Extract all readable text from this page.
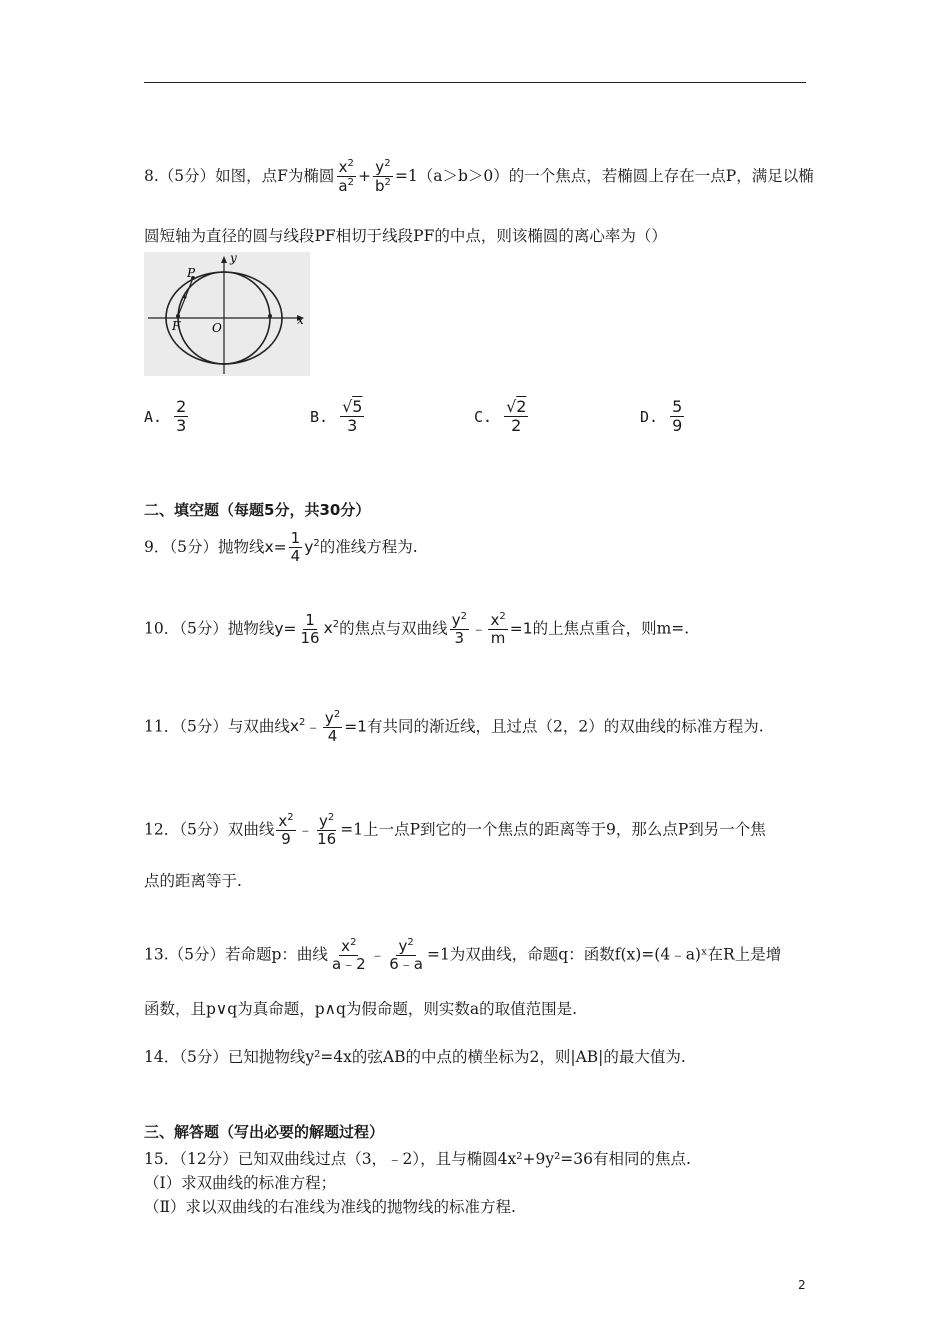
8.（5分）如图，点F为椭圆 $\frac{x^2}{a^2} + \frac{y^2}{b^2} =1(a>b>0)$的一个焦点，若椭圆上存在一点P，满足以椭
圆短轴为直径的圆与线段PF相切于线段PF的中点，则该椭圆的离心率为（）
y
x
P
F	O
A. $\frac{2}{3}$	B. $\frac{√5}{3}$	C. $\frac{√2}{2}$	D. $\frac{5}{9}$
二、填空题（每题5分，共30分）
9．（5分）抛物线$x= \frac{1}{4} y^2$的准线方程为.
10．（5分）抛物线$y= \frac{1}{16} x^2$的焦点与双曲线 $\frac{y^2}{3}$ ﹣ $\frac{x^2}{m} =1$的上焦点重合，则m=.
11．（5分）与双曲线$x^2﹣ \frac{y^2}{4} =1$有共同的渐近线，且过点（2，2）的双曲线的标准方程为.
12．（5分）双曲线 $\frac{x^2}{9}$ ﹣ $\frac{y^2}{16} =1$上一点P到它的一个焦点的距离等于9，那么点P到另一个焦
点的距离等于.
13.（5分）若命题p：曲线 $\frac{x^2}{a﹣2}$ ﹣ $\frac{y^2}{6﹣a} =1$为双曲线，命题q：函数f(x)=(4﹣a)ˣ在R上是增
函数，且p∨q为真命题，p∧q为假命题，则实数a的取值范围是.
14．（5分）已知抛物线y²=4x的弦AB的中点的横坐标为2，则|AB|的最大值为.
三、解答题（写出必要的解题过程）
15．（12分）已知双曲线过点（3，﹣2），且与椭圆4x²+9y²=36有相同的焦点.
（Ⅰ）求双曲线的标准方程；
（Ⅱ）求以双曲线的右准线为准线的抛物线的标准方程.
2
